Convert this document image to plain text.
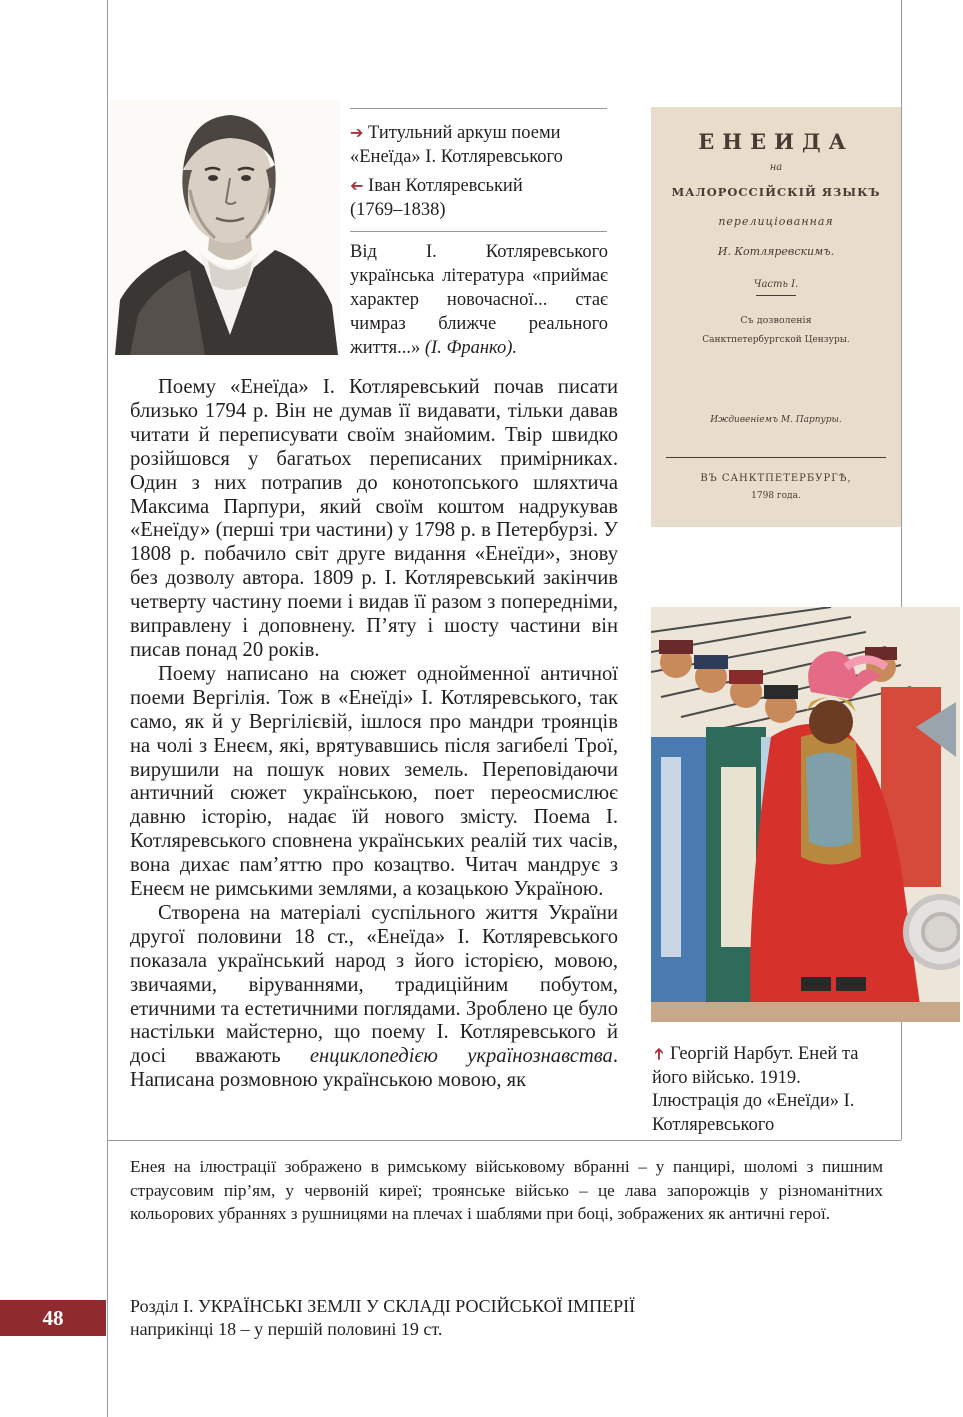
➔ Титульний аркуш поеми «Енеїда» І. Котляревського
➔ Іван Котляревський (1769–1838)
Від І. Котляревського українська література «приймає характер новочасної... стає чимраз ближче реального життя...» (І. Франко).
ЕНЕИДА
на
МАЛОРОССІЙСКІЙ ЯЗЫКЪ
перелицiованная
И. Котляревскимъ.
Часть I.
Съ дозволенія
Санктпетербургской Цензуры.
Иждивенiемъ М. Парпуры.
ВЪ САНКТПЕТЕРБУРГѢ,
1798 года.

Поему «Енеїда» І. Котляревський почав писати близько 1794 р. Він не думав її видавати, тільки давав читати й переписувати своїм знайомим. Твір швидко розійшовся у багатьох переписаних примірниках. Один з них потрапив до конотопського шляхтича Максима Парпури, який своїм коштом надрукував «Енеїду» (перші три частини) у 1798 р. в Петербурзі. У 1808 р. побачило світ друге видання «Енеїди», знову без дозволу автора. 1809 р. І. Котляревський закінчив четверту частину поеми і видав її разом з попередніми, виправлену і доповнену. П’яту і шосту частини він писав понад 20 років.

Поему написано на сюжет однойменної античної поеми Вергілія. Тож в «Енеїді» І. Котляревського, так само, як й у Вергілієвій, ішлося про мандри троянців на чолі з Енеєм, які, врятувавшись після загибелі Трої, вирушили на пошук нових земель. Переповідаючи античний сюжет українською, поет переосмислює давню історію, надає їй нового змісту. Поема І. Котляревського сповнена українських реалій тих часів, вона дихає пам’яттю про козацтво. Читач мандрує з Енеєм не римськими землями, а козацькою Україною.

Створена на матеріалі суспільного життя України другої половини 18 ст., «Енеїда» І. Котляревського показала український народ з його історією, мовою, звичаями, віруваннями, традиційним побутом, етичними та естетичними поглядами. Зроблено це було настільки майстерно, що поему І. Котляревського й досі вважають енциклопедією українознавства. Написана розмовною українською мовою, як

➔ Георгій Нарбут. Еней та його військо. 1919. Ілюстрація до «Енеїди» І. Котляревського
Енея на ілюстрації зображено в римському військовому вбранні – у панцирі, шоломі з пишним страусовим пір’ям, у червоній киреї; троянське військо – це лава запорожців у різноманітних кольорових убраннях з рушницями на плечах і шаблями при боці, зображених як античні герої.
48	Розділ І. УКРАЇНСЬКІ ЗЕМЛІ У СКЛАДІ РОСІЙСЬКОЇ ІМПЕРІЇ
наприкінці 18 – у першій половині 19 ст.
